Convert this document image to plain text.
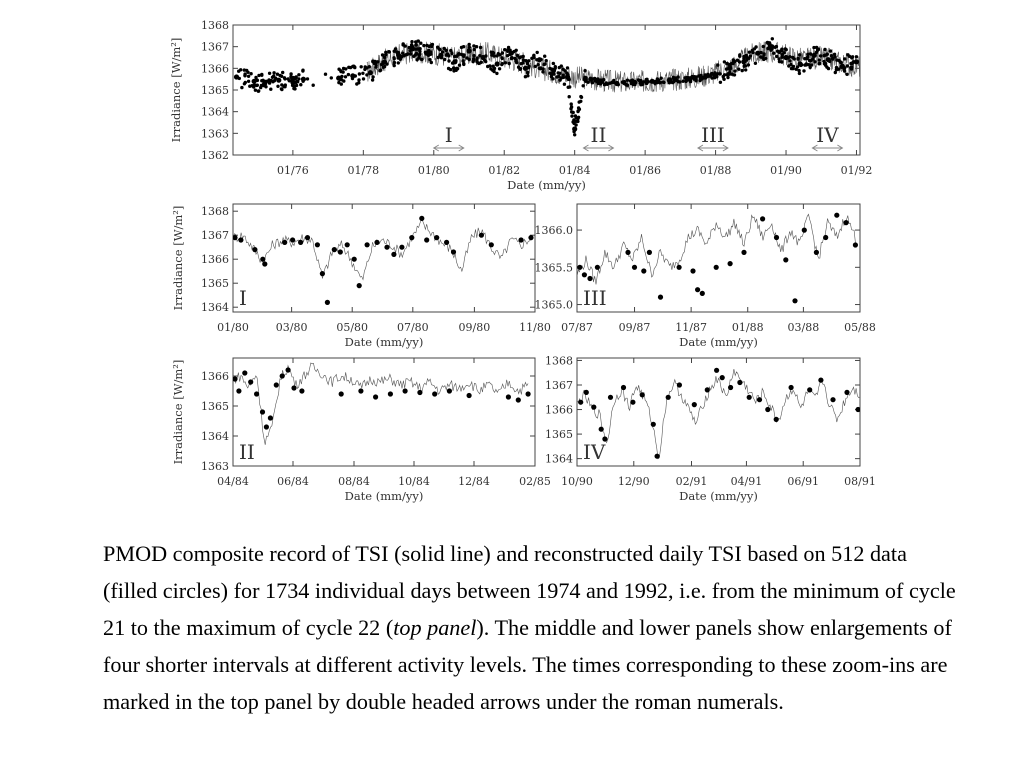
1362
1363
1364
1365
1366
1367
1368
01/76	01/78	01/80	01/82	01/84	01/86	01/88	01/90	01/92
Date (mm/yy)
Irradiance [W/m²]	I	II	III	IV
1364
1365
1366
1367
1368
01/80 03/80	05/80	07/80	09/80	11/80
Date (mm/yy)
Irradiance [W/m²]	I	1365.0
1365.5
1366.0
07/87 09/87 11/87 01/88 03/88 05/88
Date (mm/yy)
III
1363
1364
1365
1366
04/84	06/84	08/84	10/84	12/84	02/85
Date (mm/yy)
Irradiance [W/m²]	II	1364
1365
1366
1367
1368
10/90 12/90 02/91 04/91 06/91 08/91
Date (mm/yy)
IV
PMOD composite record of TSI (solid line) and reconstructed daily TSI based on 512 data (filled circles) for 1734 individual days between 1974 and 1992, i.e. from the minimum of cycle 21 to the maximum of cycle 22 (top panel). The middle and lower panels show enlargements of four shorter intervals at different activity levels. The times corresponding to these zoom-ins are marked in the top panel by double headed arrows under the roman numerals.
